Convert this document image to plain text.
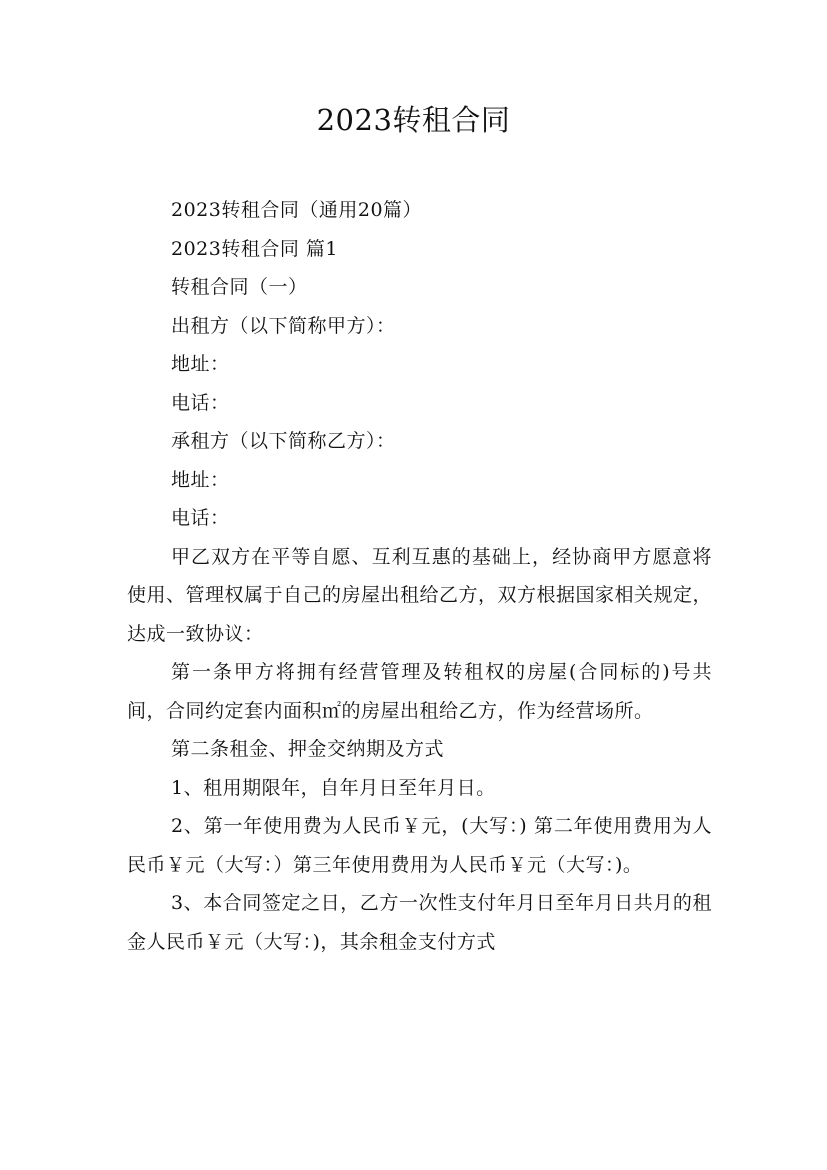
2023转租合同

2023转租合同（通用20篇）

2023转租合同 篇1

转租合同（一）

出租方（以下简称甲方）：

地址：

电话：

承租方（以下简称乙方）：

地址：

电话：

甲乙双方在平等自愿、互利互惠的基础上，经协商甲方愿意将使用、管理权属于自己的房屋出租给乙方，双方根据国家相关规定，达成一致协议：

第一条甲方将拥有经营管理及转租权的房屋(合同标的)号共间，合同约定套内面积㎡的房屋出租给乙方，作为经营场所。

第二条租金、押金交纳期及方式

1、租用期限年，自年月日至年月日。

2、第一年使用费为人民币￥元，(大写：) 第二年使用费用为人民币￥元（大写：）第三年使用费用为人民币￥元（大写：)。

3、本合同签定之日，乙方一次性支付年月日至年月日共月的租金人民币￥元（大写：)，其余租金支付方式
